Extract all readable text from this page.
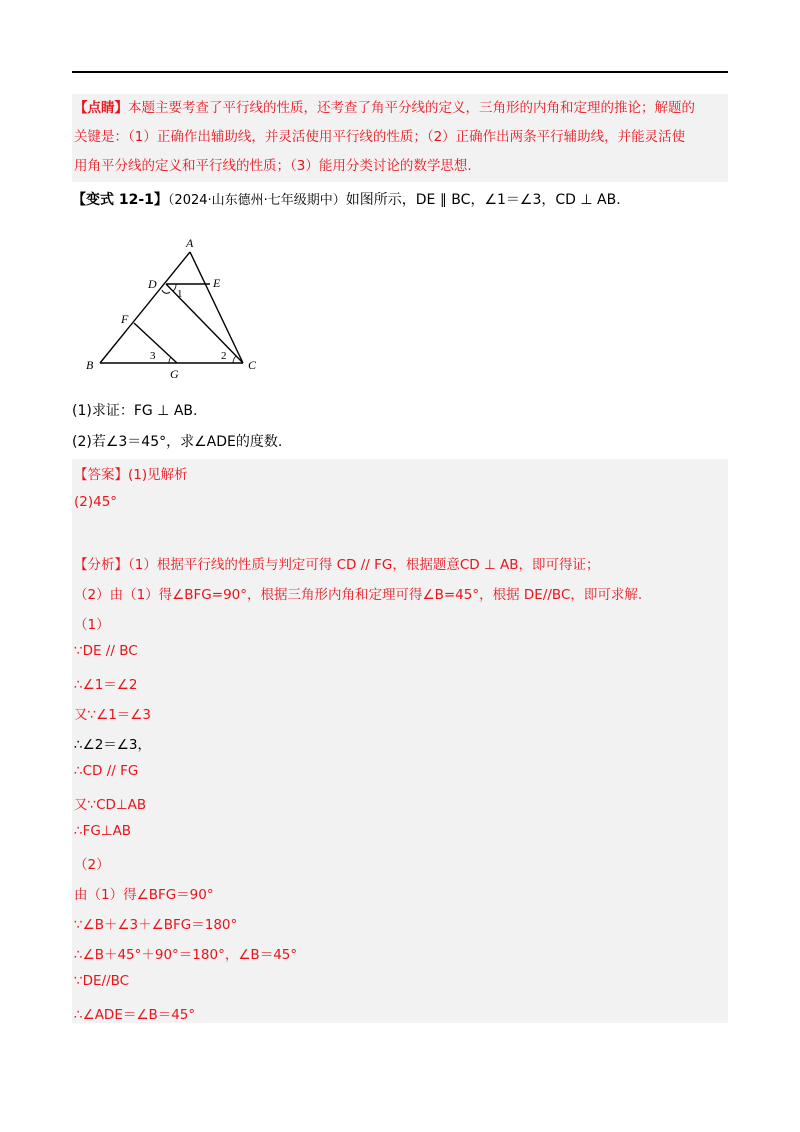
【点睛】本题主要考查了平行线的性质，还考查了角平分线的定义，三角形的内角和定理的推论；解题的
关键是：（1）正确作出辅助线，并灵活使用平行线的性质；（2）正确作出两条平行辅助线，并能灵活使
用角平分线的定义和平行线的性质；（3）能用分类讨论的数学思想.
【变式 12-1】（2024·山东德州·七年级期中）如图所示，DE ∥ BC，∠1＝∠3，CD ⊥ AB.
A
B	C
D	E
F
G
1
2
3
(1)求证：FG ⊥ AB.
(2)若∠3＝45°，求∠ADE的度数.
【答案】(1)见解析
(2)45°
【分析】（1）根据平行线的性质与判定可得 CD // FG，根据题意CD ⊥ AB，即可得证；
（2）由（1）得∠BFG=90°，根据三角形内角和定理可得∠B=45°，根据 DE//BC，即可求解.
（1）
∵DE // BC
∴∠1＝∠2
又∵∠1＝∠3
∴∠2＝∠3，
∴CD // FG
又∵CD⊥AB
∴FG⊥AB
（2）
由（1）得∠BFG＝90°
∵∠B＋∠3＋∠BFG＝180°
∴∠B＋45°＋90°＝180°，∠B＝45°
∵DE//BC
∴∠ADE＝∠B＝45°
